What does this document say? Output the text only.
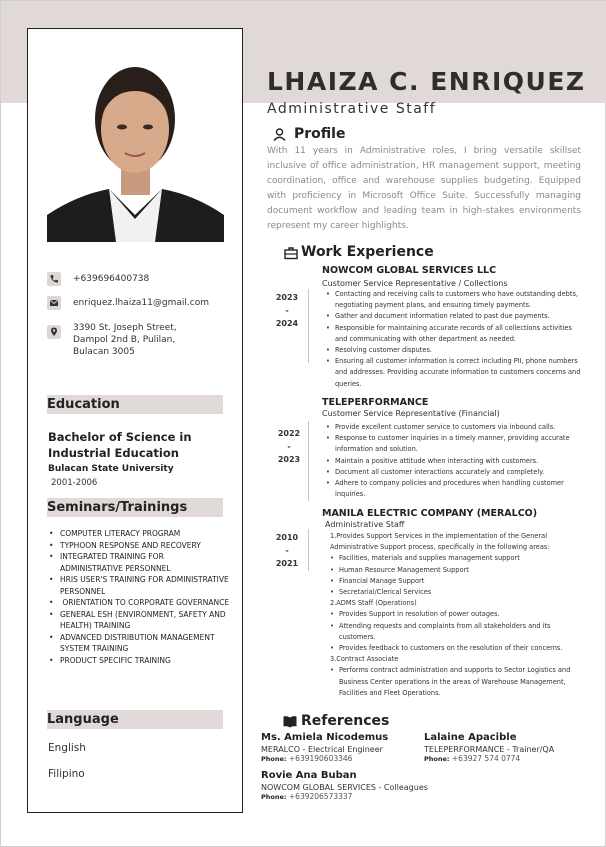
LHAIZA C. ENRIQUEZ
Administrative Staff
Profile
With 11 years in Administrative roles, I bring versatile skillset inclusive of office administration, HR management support, meeting coordination, office and warehouse supplies budgeting. Equipped with proficiency in Microsoft Office Suite. Successfully managing document workflow and leading team in high-stakes environments represent my career highlights.
+639696400738
enriquez.lhaiza11@gmail.com
3390 St. Joseph Street, Dampol 2nd B, Pulilan, Bulacan 3005
Education
Bachelor of Science in Industrial Education
Bulacan State University
2001-2006
Seminars/Trainings
• COMPUTER LITERACY PROGRAM
• TYPHOON RESPONSE AND RECOVERY
• INTEGRATED TRAINING FOR ADMINISTRATIVE PERSONNEL
• HRIS USER'S TRAINING FOR ADMINISTRATIVE PERSONNEL
•  ORIENTATION TO CORPORATE GOVERNANCE
• GENERAL ESH (ENVIRONMENT, SAFETY AND HEALTH) TRAINING
• ADVANCED DISTRIBUTION MANAGEMENT SYSTEM TRAINING
• PRODUCT SPECIFIC TRAINING
Language
English
Filipino
Work Experience
NOWCOM GLOBAL SERVICES LLC
Customer Service Representative / Collections
2023
-
2024
• Contacting and receiving calls to customers who have outstanding debts, negotiating payment plans, and ensuring timely payments.
• Gather and document information related to past due payments.
• Responsible for maintaining accurate records of all collections activities and communicating with other department as needed.
• Resolving customer disputes.
• Ensuring all customer information is correct including PII, phone numbers and addresses. Providing accurate information to customers concerns and queries.
TELEPERFORMANCE
Customer Service Representative (Financial)
2022
-
2023
• Provide excellent customer service to customers via inbound calls.
• Response to customer inquiries in a timely manner, providing accurate information and solution.
• Maintain a positive attitude when interacting with customers.
• Document all customer interactions accurately and completely.
• Adhere to company policies and procedures when handling customer inquiries.
MANILA ELECTRIC COMPANY (MERALCO)
Administrative Staff
2010
-
2021
1.Provides Support Services in the implementation of the General Administrative Support process, specifically in the following areas:
• Facilities, materials and supplies management support
• Human Resource Management Support
• Financial Manage Support
• Secretarial/Clerical Services
2.ADMS Staff (Operations)
• Provides Support in resolution of power outages.
• Attending requests and complaints from all stakeholders and its customers.
• Provides feedback to customers on the resolution of their concerns.
3.Contract Associate
• Performs contract administration and supports to Sector Logistics and Business Center operations in the areas of Warehouse Management, Facilities and Fleet Operations.
References
Ms. Amiela Nicodemus
MERALCO - Electrical Engineer
Phone: +639190603346
Lalaine Apacible
TELEPERFORMANCE - Trainer/QA
Phone: +63927 574 0774
Rovie Ana Buban
NOWCOM GLOBAL SERVICES - Colleagues
Phone: +639206573337
